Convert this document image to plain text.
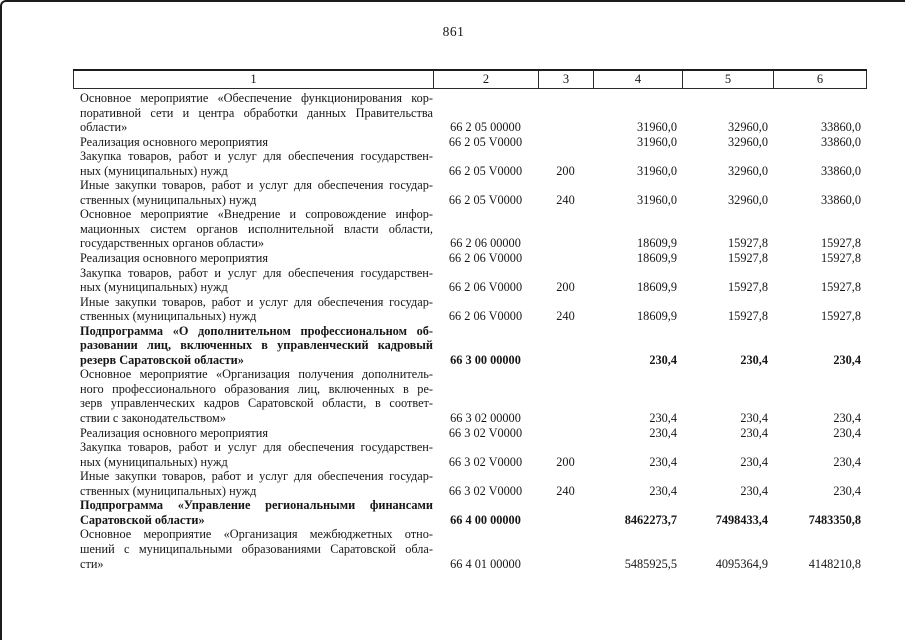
861
1	2	3	4	5	6
Основное мероприятие «Обеспечение функционирования кор-
поративной сети и центра обработки данных Правительства
области»	66 2 05 00000		31960,0	32960,0	33860,0

Реализация основного мероприятия	66 2 05 V0000		31960,0	32960,0	33860,0

Закупка товаров, работ и услуг для обеспечения государствен-
ных (муниципальных) нужд	66 2 05 V0000	200	31960,0	32960,0	33860,0

Иные закупки товаров, работ и услуг для обеспечения государ-
ственных (муниципальных) нужд	66 2 05 V0000	240	31960,0	32960,0	33860,0

Основное мероприятие «Внедрение и сопровождение инфор-
мационных систем органов исполнительной власти области,
государственных органов области»	66 2 06 00000		18609,9	15927,8	15927,8

Реализация основного мероприятия	66 2 06 V0000		18609,9	15927,8	15927,8

Закупка товаров, работ и услуг для обеспечения государствен-
ных (муниципальных) нужд	66 2 06 V0000	200	18609,9	15927,8	15927,8

Иные закупки товаров, работ и услуг для обеспечения государ-
ственных (муниципальных) нужд	66 2 06 V0000	240	18609,9	15927,8	15927,8

Подпрограмма «О дополнительном профессиональном об-
разовании лиц, включенных в управленческий кадровый
резерв Саратовской области»	66 3 00 00000		230,4	230,4	230,4

Основное мероприятие «Организация получения дополнитель-
ного профессионального образования лиц, включенных в ре-
зерв управленческих кадров Саратовской области, в соответ-
ствии с законодательством»	66 3 02 00000		230,4	230,4	230,4

Реализация основного мероприятия	66 3 02 V0000		230,4	230,4	230,4

Закупка товаров, работ и услуг для обеспечения государствен-
ных (муниципальных) нужд	66 3 02 V0000	200	230,4	230,4	230,4

Иные закупки товаров, работ и услуг для обеспечения государ-
ственных (муниципальных) нужд	66 3 02 V0000	240	230,4	230,4	230,4

Подпрограмма «Управление региональными финансами
Саратовской области»	66 4 00 00000		8462273,7	7498433,4	7483350,8

Основное мероприятие «Организация межбюджетных отно-
шений с муниципальными образованиями Саратовской обла-
сти»	66 4 01 00000		5485925,5	4095364,9	4148210,8
